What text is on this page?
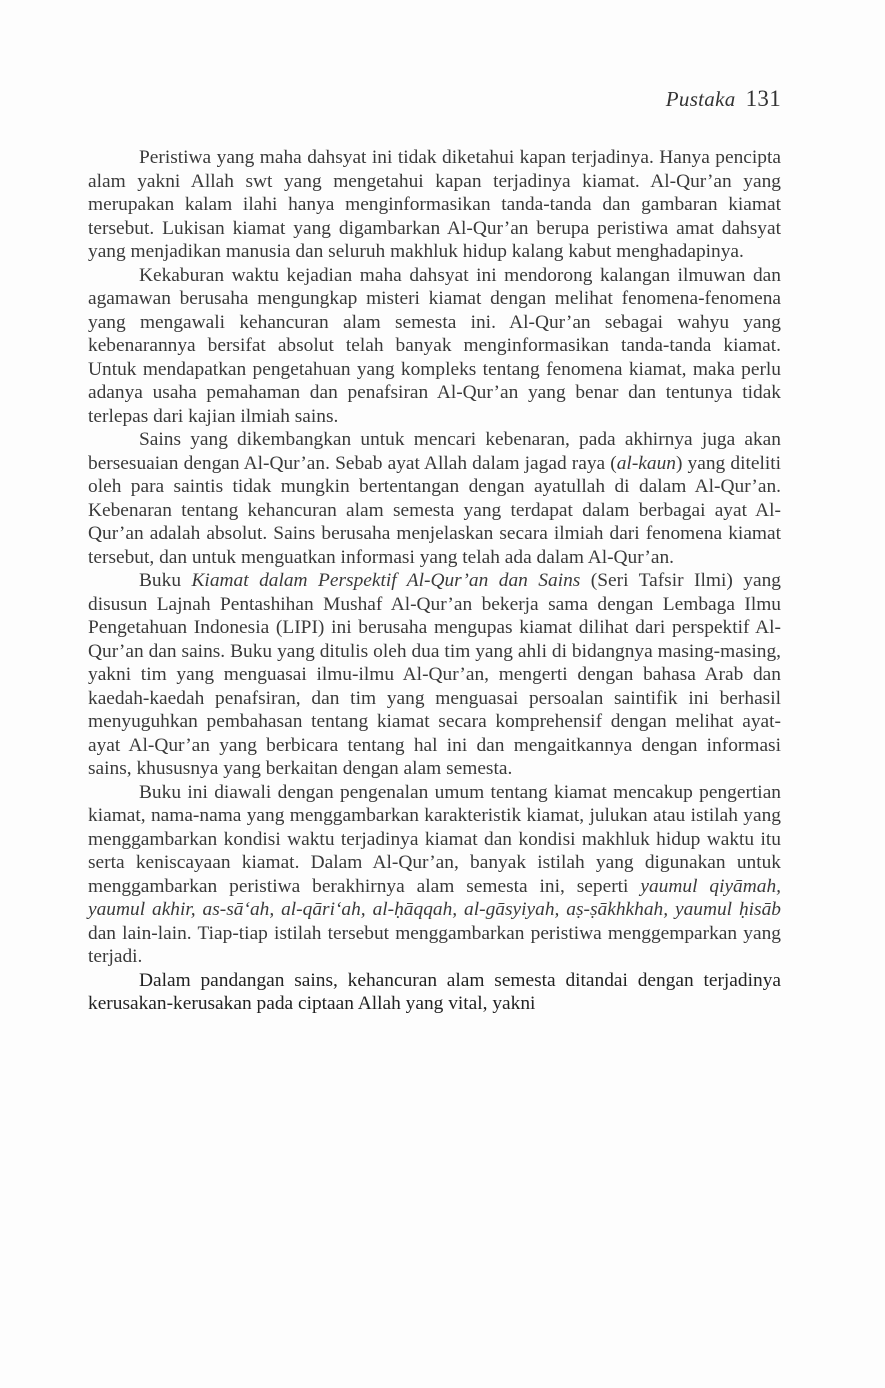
Pustaka 131

Peristiwa yang maha dahsyat ini tidak diketahui kapan terjadinya. Hanya pencipta alam yakni Allah swt yang mengetahui kapan terjadinya kiamat. Al-Qur’an yang merupakan kalam ilahi hanya menginformasikan tanda-tanda dan gambaran kiamat tersebut. Lukisan kiamat yang digambarkan Al-Qur’an berupa peristiwa amat dahsyat yang menjadikan manusia dan seluruh makhluk hidup kalang kabut menghadapinya.

Kekaburan waktu kejadian maha dahsyat ini mendorong kalangan ilmuwan dan agamawan berusaha mengungkap misteri kiamat dengan melihat fenomena-fenomena yang mengawali kehancuran alam semesta ini. Al-Qur’an sebagai wahyu yang kebenarannya bersifat absolut telah banyak menginformasikan tanda-tanda kiamat. Untuk mendapatkan pengetahuan yang kompleks tentang fenomena kiamat, maka perlu adanya usaha pemahaman dan penafsiran Al-Qur’an yang benar dan tentunya tidak terlepas dari kajian ilmiah sains.

Sains yang dikembangkan untuk mencari kebenaran, pada akhirnya juga akan bersesuaian dengan Al-Qur’an. Sebab ayat Allah dalam jagad raya (al-kaun) yang diteliti oleh para saintis tidak mungkin bertentangan dengan ayatullah di dalam Al-Qur’an. Kebenaran tentang kehancuran alam semesta yang terdapat dalam berbagai ayat Al-Qur’an adalah absolut. Sains berusaha menjelaskan secara ilmiah dari fenomena kiamat tersebut, dan untuk menguatkan informasi yang telah ada dalam Al-Qur’an.

Buku Kiamat dalam Perspektif Al-Qur’an dan Sains (Seri Tafsir Ilmi) yang disusun Lajnah Pentashihan Mushaf Al-Qur’an bekerja sama dengan Lembaga Ilmu Pengetahuan Indonesia (LIPI) ini berusaha mengupas kiamat dilihat dari perspektif Al-Qur’an dan sains. Buku yang ditulis oleh dua tim yang ahli di bidangnya masing-masing, yakni tim yang menguasai ilmu-ilmu Al-Qur’an, mengerti dengan bahasa Arab dan kaedah-kaedah penafsiran, dan tim yang menguasai persoalan saintifik ini berhasil menyuguhkan pembahasan tentang kiamat secara komprehensif dengan melihat ayat-ayat Al-Qur’an yang berbicara tentang hal ini dan mengaitkannya dengan informasi sains, khususnya yang berkaitan dengan alam semesta.

Buku ini diawali dengan pengenalan umum tentang kiamat mencakup pengertian kiamat, nama-nama yang menggambarkan karakteristik kiamat, julukan atau istilah yang menggambarkan kondisi waktu terjadinya kiamat dan kondisi makhluk hidup waktu itu serta keniscayaan kiamat. Dalam Al-Qur’an, banyak istilah yang digunakan untuk menggambarkan peristiwa berakhirnya alam semesta ini, seperti yaumul qiyāmah, yaumul akhir, as-sā‘ah, al-qāri‘ah, al-ḥāqqah, al-gāsyiyah, aṣ-ṣākhkhah, yaumul ḥisāb dan lain-lain. Tiap-tiap istilah tersebut menggambarkan peristiwa menggemparkan yang terjadi.

Dalam pandangan sains, kehancuran alam semesta ditandai dengan terjadinya kerusakan-kerusakan pada ciptaan Allah yang vital, yakni
